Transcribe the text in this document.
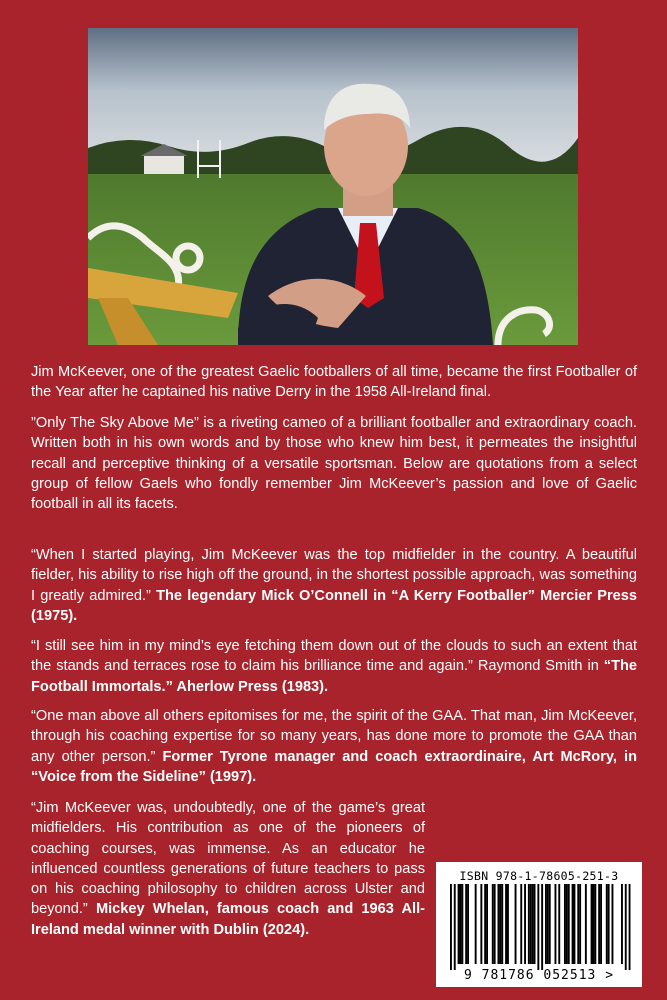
Jim McKeever, one of the greatest Gaelic footballers of all time, became the first Footballer of the Year after he captained his native Derry in the 1958 All-Ireland final.
”Only The Sky Above Me” is a riveting cameo of a brilliant footballer and extraordinary coach. Written both in his own words and by those who knew him best, it permeates the insightful recall and perceptive thinking of a versatile sportsman. Below are quotations from a select group of fellow Gaels who fondly remember Jim McKeever’s passion and love of Gaelic football in all its facets.
“When I started playing, Jim McKeever was the top midfielder in the country. A beautiful fielder, his ability to rise high off the ground, in the shortest possible approach, was something I greatly admired.” The legendary Mick O’Connell in “A Kerry Footballer” Mercier Press (1975).
“I still see him in my mind’s eye fetching them down out of the clouds to such an extent that the stands and terraces rose to claim his brilliance time and again.” Raymond Smith in “The Football Immortals.” Aherlow Press (1983).
“One man above all others epitomises for me, the spirit of the GAA. That man, Jim McKeever, through his coaching expertise for so many years, has done more to promote the GAA than any other person.” Former Tyrone manager and coach extraordinaire, Art McRory, in “Voice from the Sideline” (1997).
“Jim McKeever was, undoubtedly, one of the game’s great midfielders. His contribution as one of the pioneers of coaching courses, was immense. As an educator he influenced countless generations of future teachers to pass on his coaching philosophy to children across Ulster and beyond.” Mickey Whelan, famous coach and 1963 All-Ireland medal winner with Dublin (2024).
ISBN 978-1-78605-251-3
9 781786 052513 >
